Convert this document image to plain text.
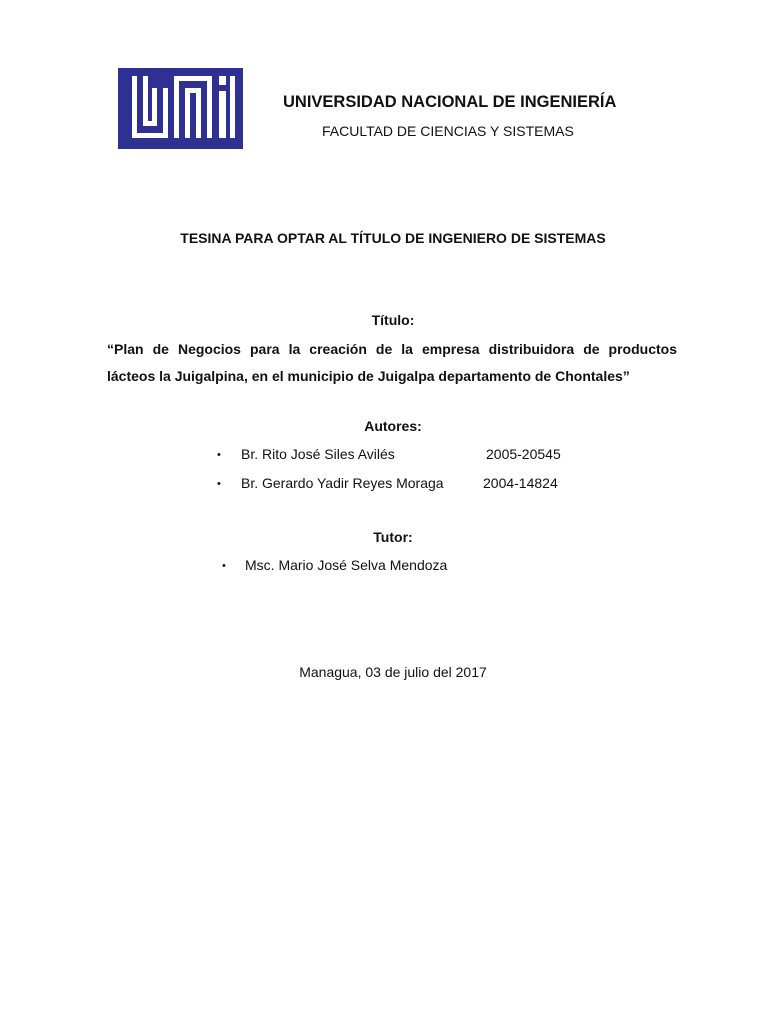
UNIVERSIDAD NACIONAL DE INGENIERÍA
FACULTAD DE CIENCIAS Y SISTEMAS
TESINA PARA OPTAR AL TÍTULO DE INGENIERO DE SISTEMAS
Título:
“Plan de Negocios para la creación de la empresa distribuidora de productos
lácteos la Juigalpina, en el municipio de Juigalpa departamento de Chontales”
Autores:
• Br. Rito José Siles Avilés	2005-20545
• Br. Gerardo Yadir Reyes Moraga	2004-14824
Tutor:
• Msc. Mario José Selva Mendoza
Managua, 03 de julio del 2017
